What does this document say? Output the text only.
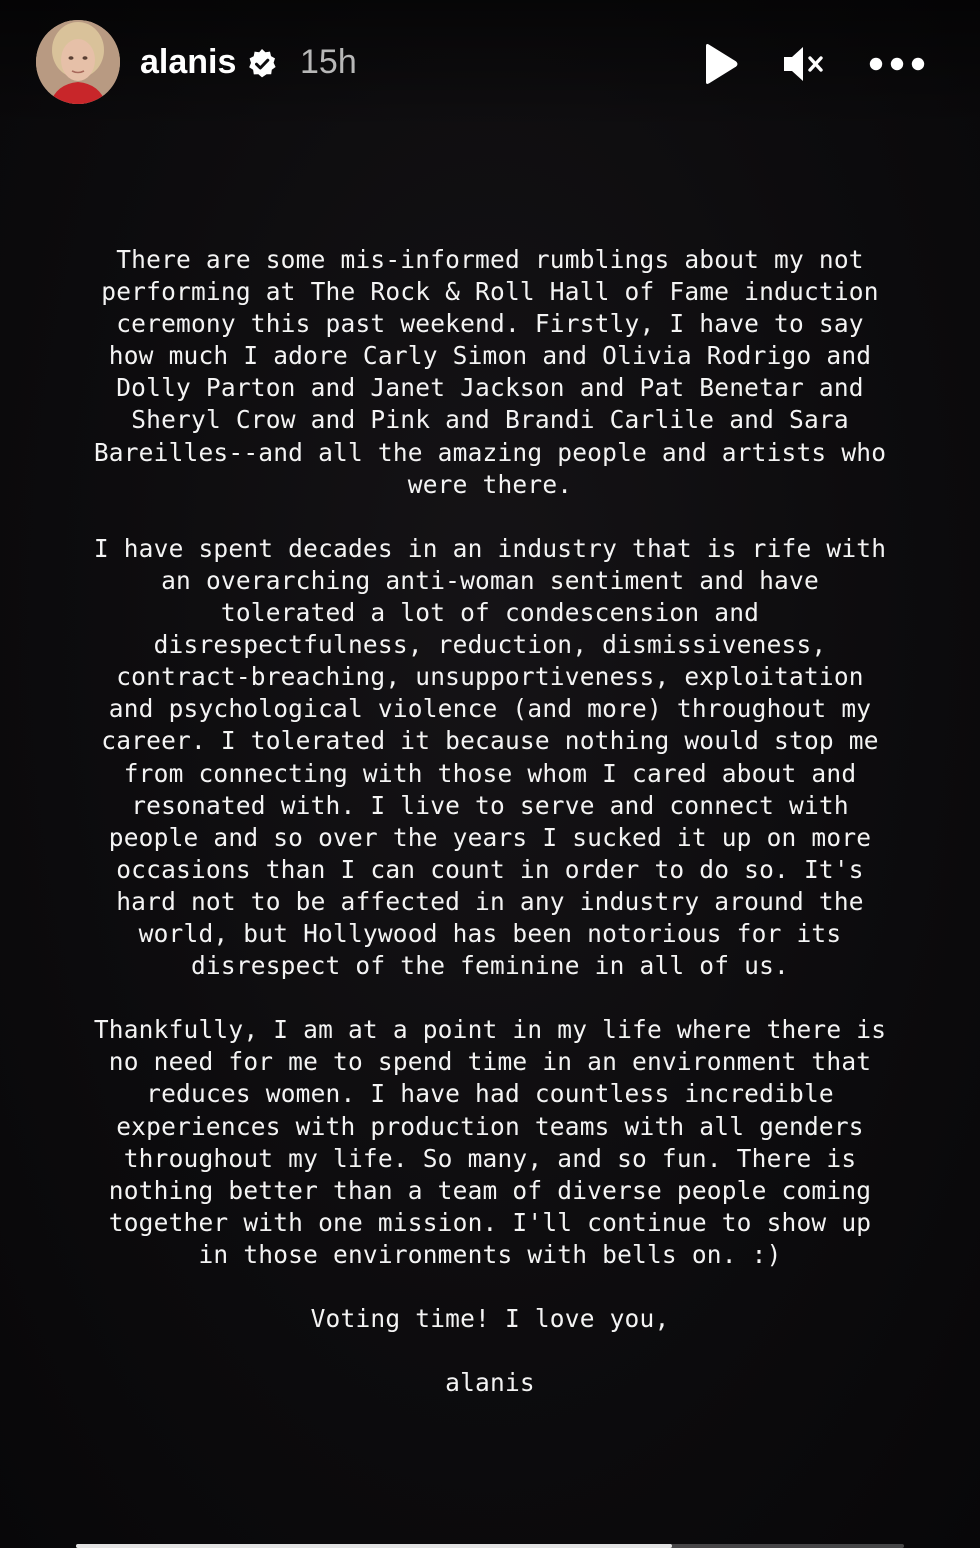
alanis 15h
There are some mis-informed rumblings about my not
performing at The Rock & Roll Hall of Fame induction
ceremony this past weekend. Firstly, I have to say
how much I adore Carly Simon and Olivia Rodrigo and
Dolly Parton and Janet Jackson and Pat Benetar and
Sheryl Crow and Pink and Brandi Carlile and Sara
Bareilles--and all the amazing people and artists who
were there.
I have spent decades in an industry that is rife with
an overarching anti-woman sentiment and have
tolerated a lot of condescension and
disrespectfulness, reduction, dismissiveness,
contract-breaching, unsupportiveness, exploitation
and psychological violence (and more) throughout my
career. I tolerated it because nothing would stop me
from connecting with those whom I cared about and
resonated with. I live to serve and connect with
people and so over the years I sucked it up on more
occasions than I can count in order to do so. It's
hard not to be affected in any industry around the
world, but Hollywood has been notorious for its
disrespect of the feminine in all of us.
Thankfully, I am at a point in my life where there is
no need for me to spend time in an environment that
reduces women. I have had countless incredible
experiences with production teams with all genders
throughout my life. So many, and so fun. There is
nothing better than a team of diverse people coming
together with one mission. I'll continue to show up
in those environments with bells on. :)
Voting time! I love you,
alanis
